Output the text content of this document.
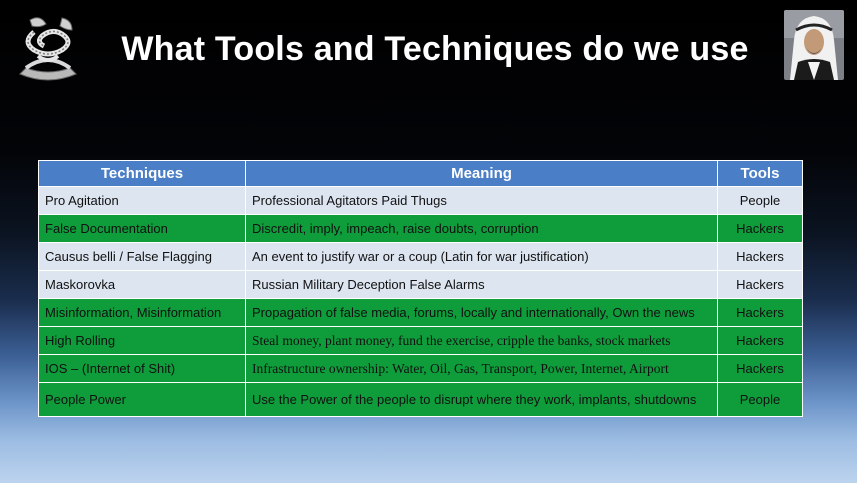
What Tools and Techniques do we use
Techniques	Meaning	Tools
Pro Agitation	Professional Agitators Paid Thugs	People
False Documentation	Discredit, imply, impeach, raise doubts, corruption	Hackers
Causus belli / False Flagging	An event to justify war or a coup (Latin for war justification)	Hackers
Maskorovka	Russian Military Deception False Alarms	Hackers
Misinformation, Misinformation	Propagation of false media, forums, locally and internationally, Own the news	Hackers
High Rolling	Steal money, plant money, fund the exercise, cripple the banks, stock markets	Hackers
IOS – (Internet of Shit)	Infrastructure ownership: Water, Oil, Gas, Transport, Power, Internet, Airport	Hackers
People Power	Use the Power of the people to disrupt where they work, implants, shutdowns	People
